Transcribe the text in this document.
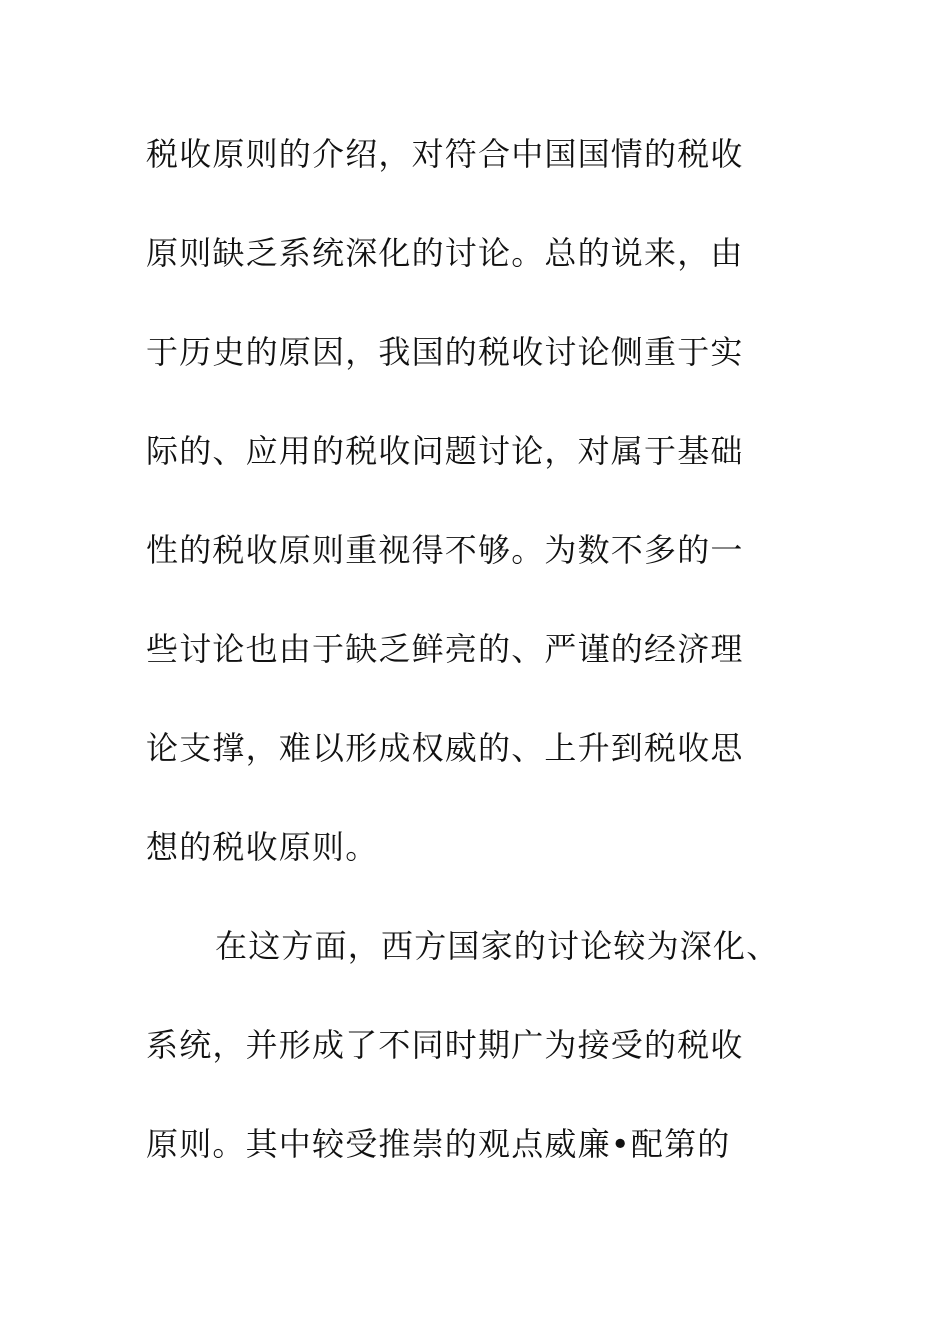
税收原则的介绍，对符合中国国情的税收
原则缺乏系统深化的讨论。总的说来，由
于历史的原因，我国的税收讨论侧重于实
际的、应用的税收问题讨论，对属于基础
性的税收原则重视得不够。为数不多的一
些讨论也由于缺乏鲜亮的、严谨的经济理
论支撑，难以形成权威的、上升到税收思
想的税收原则。
在这方面，西方国家的讨论较为深化、
系统，并形成了不同时期广为接受的税收
原则。其中较受推崇的观点威廉•配第的
